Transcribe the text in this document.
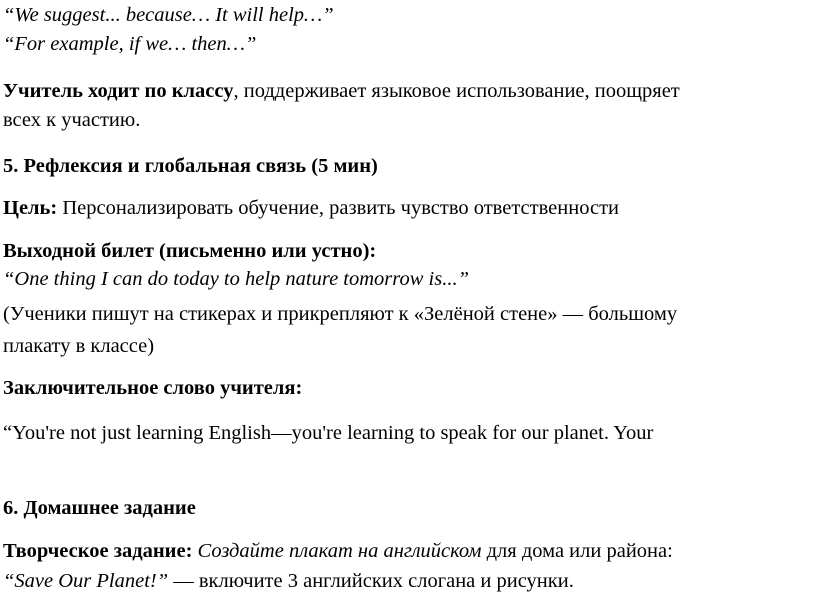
“We suggest... because… It will help…”
“For example, if we… then…”
Учитель ходит по классу, поддерживает языковое использование, поощряет
всех к участию.
5. Рефлексия и глобальная связь (5 мин)
Цель: Персонализировать обучение, развить чувство ответственности
Выходной билет (письменно или устно):
“One thing I can do today to help nature tomorrow is...”
(Ученики пишут на стикерах и прикрепляют к «Зелёной стене» — большому
плакату в классе)
Заключительное слово учителя:
“You're not just learning English—you're learning to speak for our planet. Your
6. Домашнее задание
Творческое задание: Создайте плакат на английском для дома или района:
“Save Our Planet!” — включите 3 английских слогана и рисунки.
